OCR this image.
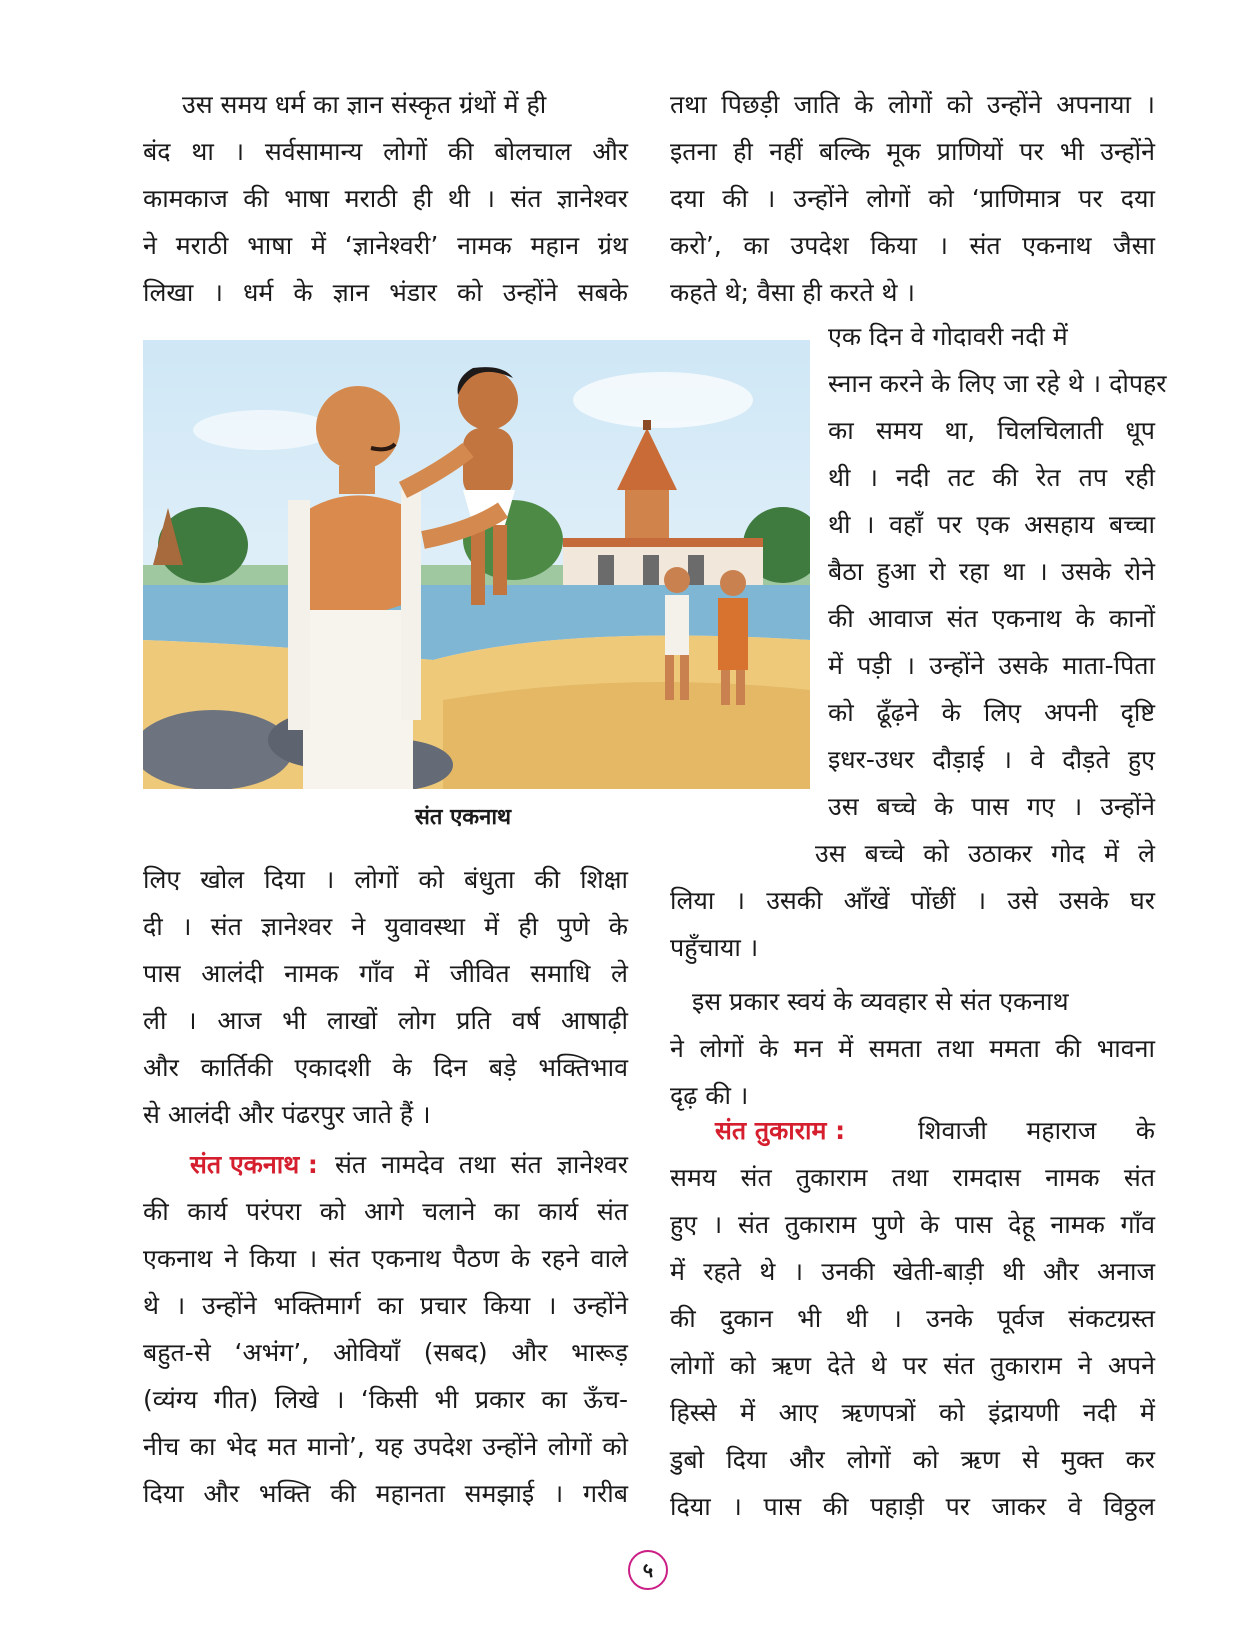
उस समय धर्म का ज्ञान संस्कृत ग्रंथों में ही

बंद था । सर्वसामान्य लोगों की बोलचाल और

कामकाज की भाषा मराठी ही थी । संत ज्ञानेश्वर

ने मराठी भाषा में ‘ज्ञानेश्वरी’ नामक महान ग्रंथ

लिखा । धर्म के ज्ञान भंडार को उन्होंने सबके

तथा पिछड़ी जाति के लोगों को उन्होंने अपनाया ।

इतना ही नहीं बल्कि मूक प्राणियों पर भी उन्होंने

दया की । उन्होंने लोगों को ‘प्राणिमात्र पर दया

करो’, का उपदेश किया । संत एकनाथ जैसा

कहते थे; वैसा ही करते थे ।

संत एकनाथ

एक दिन वे गोदावरी नदी में

स्नान करने के लिए जा रहे थे । दोपहर

का समय था, चिलचिलाती धूप

थी । नदी तट की रेत तप रही

थी । वहाँ पर एक असहाय बच्चा

बैठा हुआ रो रहा था । उसके रोने

की आवाज संत एकनाथ के कानों

में पड़ी । उन्होंने उसके माता-पिता

को ढूँढ़ने के लिए अपनी दृष्टि

इधर-उधर दौड़ाई । वे दौड़ते हुए

उस बच्चे के पास गए । उन्होंने

उस बच्चे को उठाकर गोद में ले

लिया । उसकी आँखें पोंछीं । उसे उसके घर

पहुँचाया ।

इस प्रकार स्वयं के व्यवहार से संत एकनाथ

ने लोगों के मन में समता तथा ममता की भावना

दृढ़ की ।

संत तुकाराम :	शिवाजी महाराज के

समय संत तुकाराम तथा रामदास नामक संत

हुए । संत तुकाराम पुणे के पास देहू नामक गाँव

में रहते थे । उनकी खेती-बाड़ी थी और अनाज

की दुकान भी थी । उनके पूर्वज संकटग्रस्त

लोगों को ऋण देते थे पर संत तुकाराम ने अपने

हिस्से में आए ऋणपत्रों को इंद्रायणी नदी में

डुबो दिया और लोगों को ऋण से मुक्त कर

दिया । पास की पहाड़ी पर जाकर वे विठ्ठल

लिए खोल दिया । लोगों को बंधुता की शिक्षा

दी । संत ज्ञानेश्वर ने युवावस्था में ही पुणे के

पास आलंदी नामक गाँव में जीवित समाधि ले

ली । आज भी लाखों लोग प्रति वर्ष आषाढ़ी

और कार्तिकी एकादशी के दिन बड़े भक्तिभाव

से आलंदी और पंढरपुर जाते हैं ।

संत एकनाथ : संत नामदेव तथा संत ज्ञानेश्वर

की कार्य परंपरा को आगे चलाने का कार्य संत

एकनाथ ने किया । संत एकनाथ पैठण के रहने वाले

थे । उन्होंने भक्तिमार्ग का प्रचार किया । उन्होंने

बहुत-से ‘अभंग’, ओवियाँ (सबद) और भारूड़

(व्यंग्य गीत) लिखे । ‘किसी भी प्रकार का ऊँच-

नीच का भेद मत मानो’, यह उपदेश उन्होंने लोगों को

दिया और भक्ति की महानता समझाई । गरीब

५
